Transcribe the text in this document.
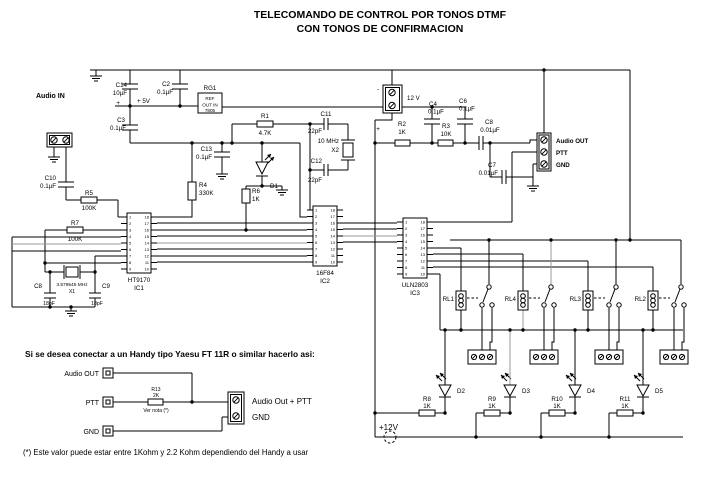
TELECOMANDO DE CONTROL POR TONOS DTMF
CON TONOS DE CONFIRMACION
Si se desea conectar a un Handy tipo Yaesu FT 11R o similar hacerlo asi:
(*) Este valor puede estar entre 1Kohm y 2.2 Kohm dependiendo del Handy a usar
1	18
2	17
3	16
4	15
5	14
6	13
7	12
8	11
9	10
HT9170
IC1
1	18
2	17
3	16
4	15
5	14
6	13
7	12
8	11
9	10
16F84
IC2
1	18
2	17
3	16
4	15
5	14
6	13
7	12
8	11
9	10
ULN2803
IC3
Audio IN
C14
10µF
+
C2
0.1µF
+ 5V
RG1
REF
OUT IN
7805
C3
0.1µF
C10
0.1µF
R5
100K
R7
100K
3.579545 MHz
X1
C8
18pF
C9
18pF
R4
330K
C13
0.1µF
R1
4.7K
D1
R6
1K
C11
22pF
10 MHz
X2
C12
22pF
-
12 V
+
R2
1K
R3
10K
C4
0.1µF
C6
0.1µF
C8
0.01µF
C7
0.01µF
Audio OUT
PTT
GND
RL1	RL4	RL3	RL2
D2	D3	D4	D5
R8
1K
R9
1K
R10
1K
R11
1K
+12V
Audio OUT
PTT
GND
R13
2K
Ver nota (*)
Audio Out + PTT
GND
